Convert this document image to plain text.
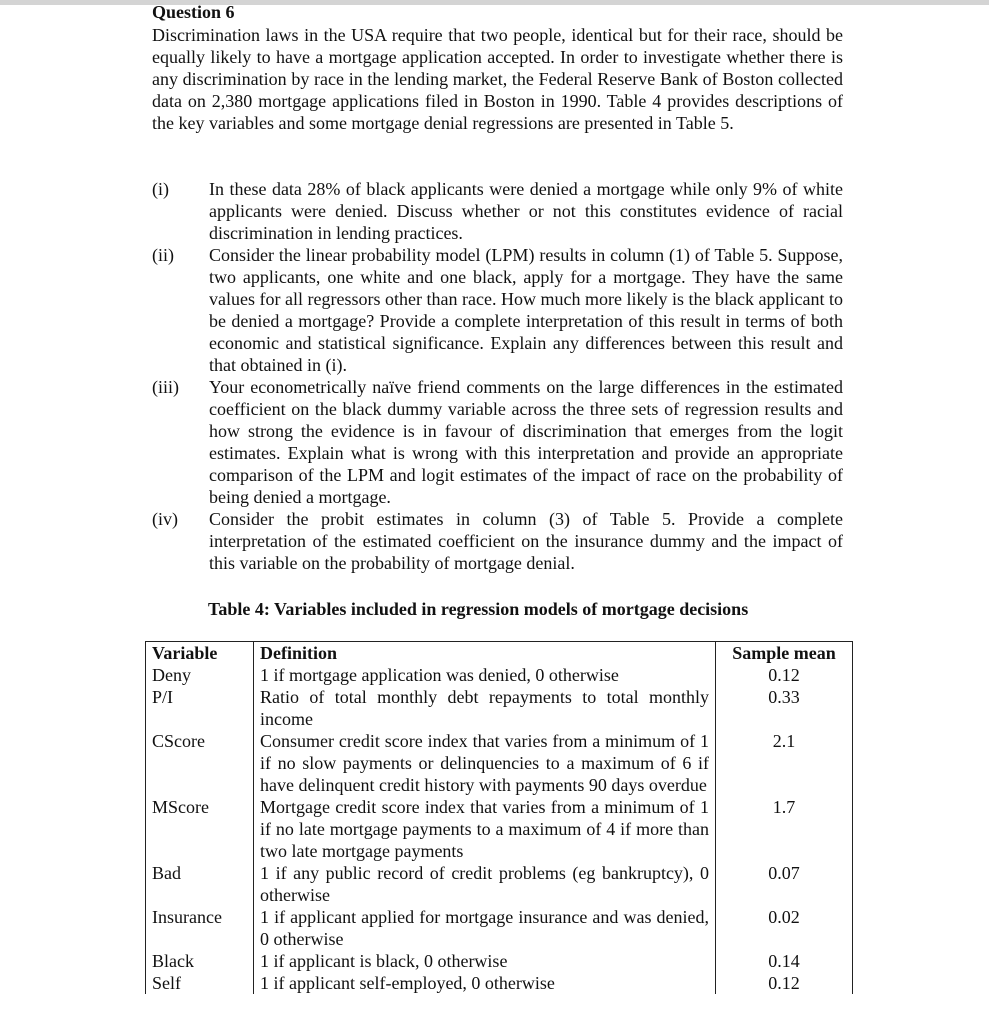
Question 6
Discrimination laws in the USA require that two people, identical but for their race, should be equally likely to have a mortgage application accepted. In order to investigate whether there is any discrimination by race in the lending market, the Federal Reserve Bank of Boston collected data on 2,380 mortgage applications filed in Boston in 1990. Table 4 provides descriptions of the key variables and some mortgage denial regressions are presented in Table 5.
(i)	In these data 28% of black applicants were denied a mortgage while only 9% of white applicants were denied. Discuss whether or not this constitutes evidence of racial discrimination in lending practices.
(ii)	Consider the linear probability model (LPM) results in column (1) of Table 5. Suppose, two applicants, one white and one black, apply for a mortgage. They have the same values for all regressors other than race. How much more likely is the black applicant to be denied a mortgage? Provide a complete interpretation of this result in terms of both economic and statistical significance. Explain any differences between this result and that obtained in (i).
(iii)	Your econometrically naïve friend comments on the large differences in the estimated coefficient on the black dummy variable across the three sets of regression results and how strong the evidence is in favour of discrimination that emerges from the logit estimates. Explain what is wrong with this interpretation and provide an appropriate comparison of the LPM and logit estimates of the impact of race on the probability of being denied a mortgage.
(iv)	Consider the probit estimates in column (3) of Table 5. Provide a complete interpretation of the estimated coefficient on the insurance dummy and the impact of this variable on the probability of mortgage denial.
Table 4: Variables included in regression models of mortgage decisions
Variable	Definition	Sample mean
Deny	1 if mortgage application was denied, 0 otherwise	0.12
P/I	Ratio of total monthly debt repayments to total monthly income	0.33
CScore	Consumer credit score index that varies from a minimum of 1 if no slow payments or delinquencies to a maximum of 6 if have delinquent credit history with payments 90 days overdue	2.1
MScore	Mortgage credit score index that varies from a minimum of 1 if no late mortgage payments to a maximum of 4 if more than two late mortgage payments	1.7
Bad	1 if any public record of credit problems (eg bankruptcy), 0 otherwise	0.07
Insurance	1 if applicant applied for mortgage insurance and was denied, 0 otherwise	0.02
Black	1 if applicant is black, 0 otherwise	0.14
Self	1 if applicant self-employed, 0 otherwise	0.12
